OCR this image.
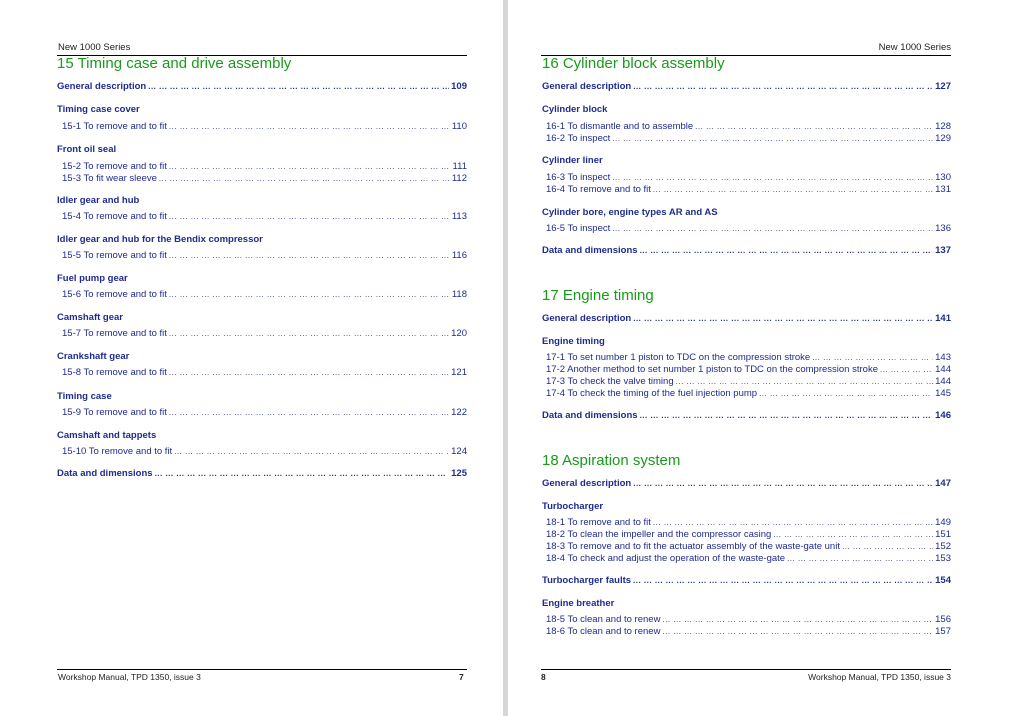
New 1000 Series
15 Timing case and drive assembly
General description ... .	109
Timing case cover
15-1 To remove and to fit ... .	110
Front oil seal
15-2 To remove and to fit ... .	111
15-3 To fit wear sleeve ... .	112
Idler gear and hub
15-4 To remove and to fit ... .	113
Idler gear and hub for the Bendix compressor
15-5 To remove and to fit ... .	116
Fuel pump gear
15-6 To remove and to fit ... .	118
Camshaft gear
15-7 To remove and to fit ... .	120
Crankshaft gear
15-8 To remove and to fit ... .	121
Timing case
15-9 To remove and to fit ... .	122
Camshaft and tappets
15-10 To remove and to fit ... .	124
Data and dimensions ... .	125
Workshop Manual, TPD 1350, issue 3	7
New 1000 Series
16 Cylinder block assembly
General description ... .	127
Cylinder block
16-1 To dismantle and to assemble ... .	128
16-2 To inspect ... .	129
Cylinder liner
16-3 To inspect ... .	130
16-4 To remove and to fit ... .	131
Cylinder bore, engine types AR and AS
16-5 To inspect ... .	136
Data and dimensions ... .	137
17 Engine timing
General description ... .	141
Engine timing
17-1 To set number 1 piston to TDC on the compression stroke ... .	143
17-2 Another method to set number 1 piston to TDC on the compression stroke ... .	144
17-3 To check the valve timing ... .	144
17-4 To check the timing of the fuel injection pump ... .	145
Data and dimensions ... .	146
18 Aspiration system
General description ... .	147
Turbocharger
18-1 To remove and to fit ... .	149
18-2 To clean the impeller and the compressor casing ... .	151
18-3 To remove and to fit the actuator assembly of the waste-gate unit ... .	152
18-4 To check and adjust the operation of the waste-gate ... .	153
Turbocharger faults ... .	154
Engine breather
18-5 To clean and to renew ... .	156
18-6 To clean and to renew ... .	157
8	Workshop Manual, TPD 1350, issue 3
